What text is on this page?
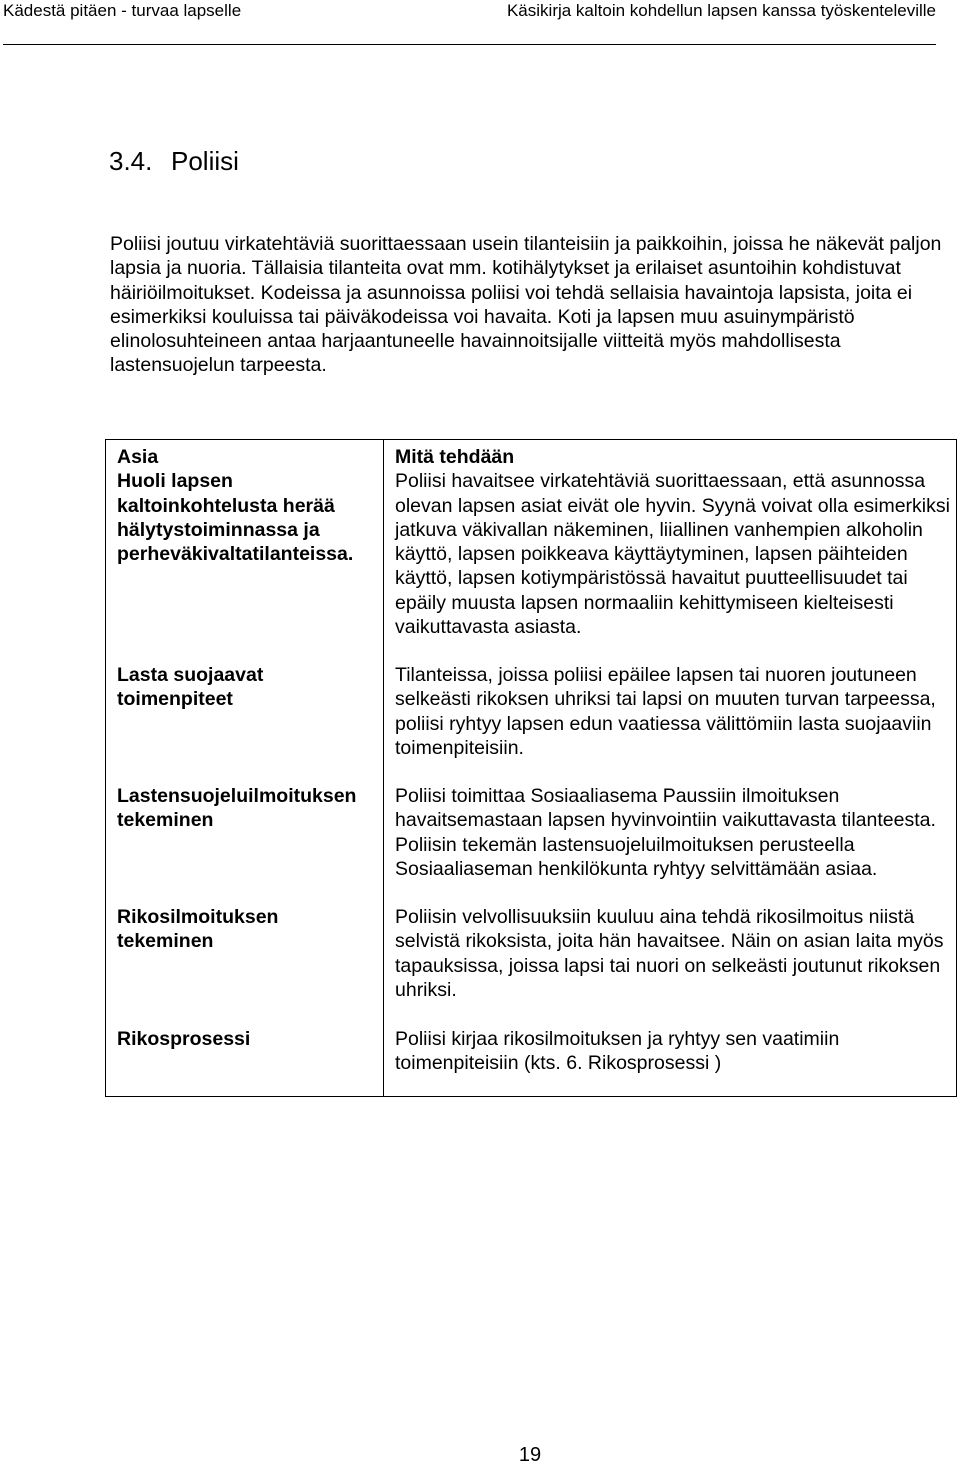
Kädestä pitäen - turvaa lapselle	Käsikirja kaltoin kohdellun lapsen kanssa työskenteleville
3.4. Poliisi

Poliisi joutuu virkatehtäviä suorittaessaan usein tilanteisiin ja paikkoihin, joissa he näkevät paljon lapsia ja nuoria. Tällaisia tilanteita ovat mm. kotihälytykset ja erilaiset asuntoihin kohdistuvat häiriöilmoitukset. Kodeissa ja asunnoissa poliisi voi tehdä sellaisia havaintoja lapsista, joita ei esimerkiksi kouluissa tai päiväkodeissa voi havaita. Koti ja lapsen muu asuinympäristö elinolosuhteineen antaa harjaantuneelle havainnoitsijalle viitteitä myös mahdollisesta lastensuojelun tarpeesta.

Asia
Huoli lapsen kaltoinkohtelusta herää hälytystoiminnassa ja perheväkivaltatilanteissa.
Mitä tehdään
Poliisi havaitsee virkatehtäviä suorittaessaan, että asunnossa olevan lapsen asiat eivät ole hyvin. Syynä voivat olla esimerkiksi jatkuva väkivallan näkeminen, liiallinen vanhempien alkoholin käyttö, lapsen poikkeava käyttäytyminen, lapsen päihteiden käyttö, lapsen kotiympäristössä havaitut puutteellisuudet tai epäily muusta lapsen normaaliin kehittymiseen kielteisesti vaikuttavasta asiasta.
Lasta suojaavat toimenpiteet
Tilanteissa, joissa poliisi epäilee lapsen tai nuoren joutuneen selkeästi rikoksen uhriksi tai lapsi on muuten turvan tarpeessa, poliisi ryhtyy lapsen edun vaatiessa välittömiin lasta suojaaviin toimenpiteisiin.
Lastensuojeluilmoituksen tekeminen
Poliisi toimittaa Sosiaaliasema Paussiin ilmoituksen havaitsemastaan lapsen hyvinvointiin vaikuttavasta tilanteesta. Poliisin tekemän lastensuojeluilmoituksen perusteella Sosiaaliaseman henkilökunta ryhtyy selvittämään asiaa.
Rikosilmoituksen tekeminen
Poliisin velvollisuuksiin kuuluu aina tehdä rikosilmoitus niistä selvistä rikoksista, joita hän havaitsee. Näin on asian laita myös tapauksissa, joissa lapsi tai nuori on selkeästi joutunut rikoksen uhriksi.
Rikosprosessi	Poliisi kirjaa rikosilmoituksen ja ryhtyy sen vaatimiin toimenpiteisiin (kts. 6. Rikosprosessi )
19
